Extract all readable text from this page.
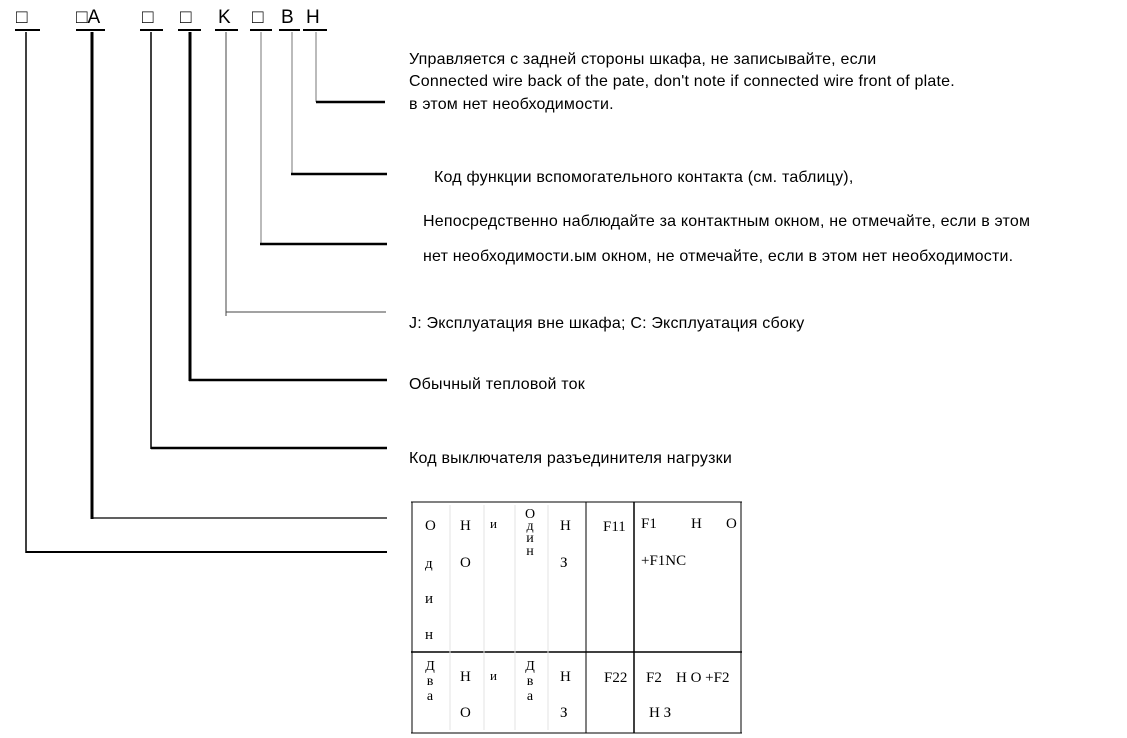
□	□A □ □ K □ B H
Управляется с задней стороны шкафа, не записывайте, если
Connected wire back of the pate, don't note if connected wire front of plate.
в этом нет необходимости.
Код функции вспомогательного контакта (см. таблицу),
Непосредственно наблюдайте за контактным окном, не отмечайте, если в этом
нет необходимости.ым окном, не отмечайте, если в этом нет необходимости.
J: Эксплуатация вне шкафа; C: Эксплуатация сбоку
Обычный тепловой ток
Код выключателя разъединителя нагрузки
О
д
и
н
Н
О
и
О
д
и
н
Н
З
F11 F1 Н О
+F1NC
Д
в
а
Н
О
и
Д
в
а
Н
З
F22 F2 Н О +F2
Н З
